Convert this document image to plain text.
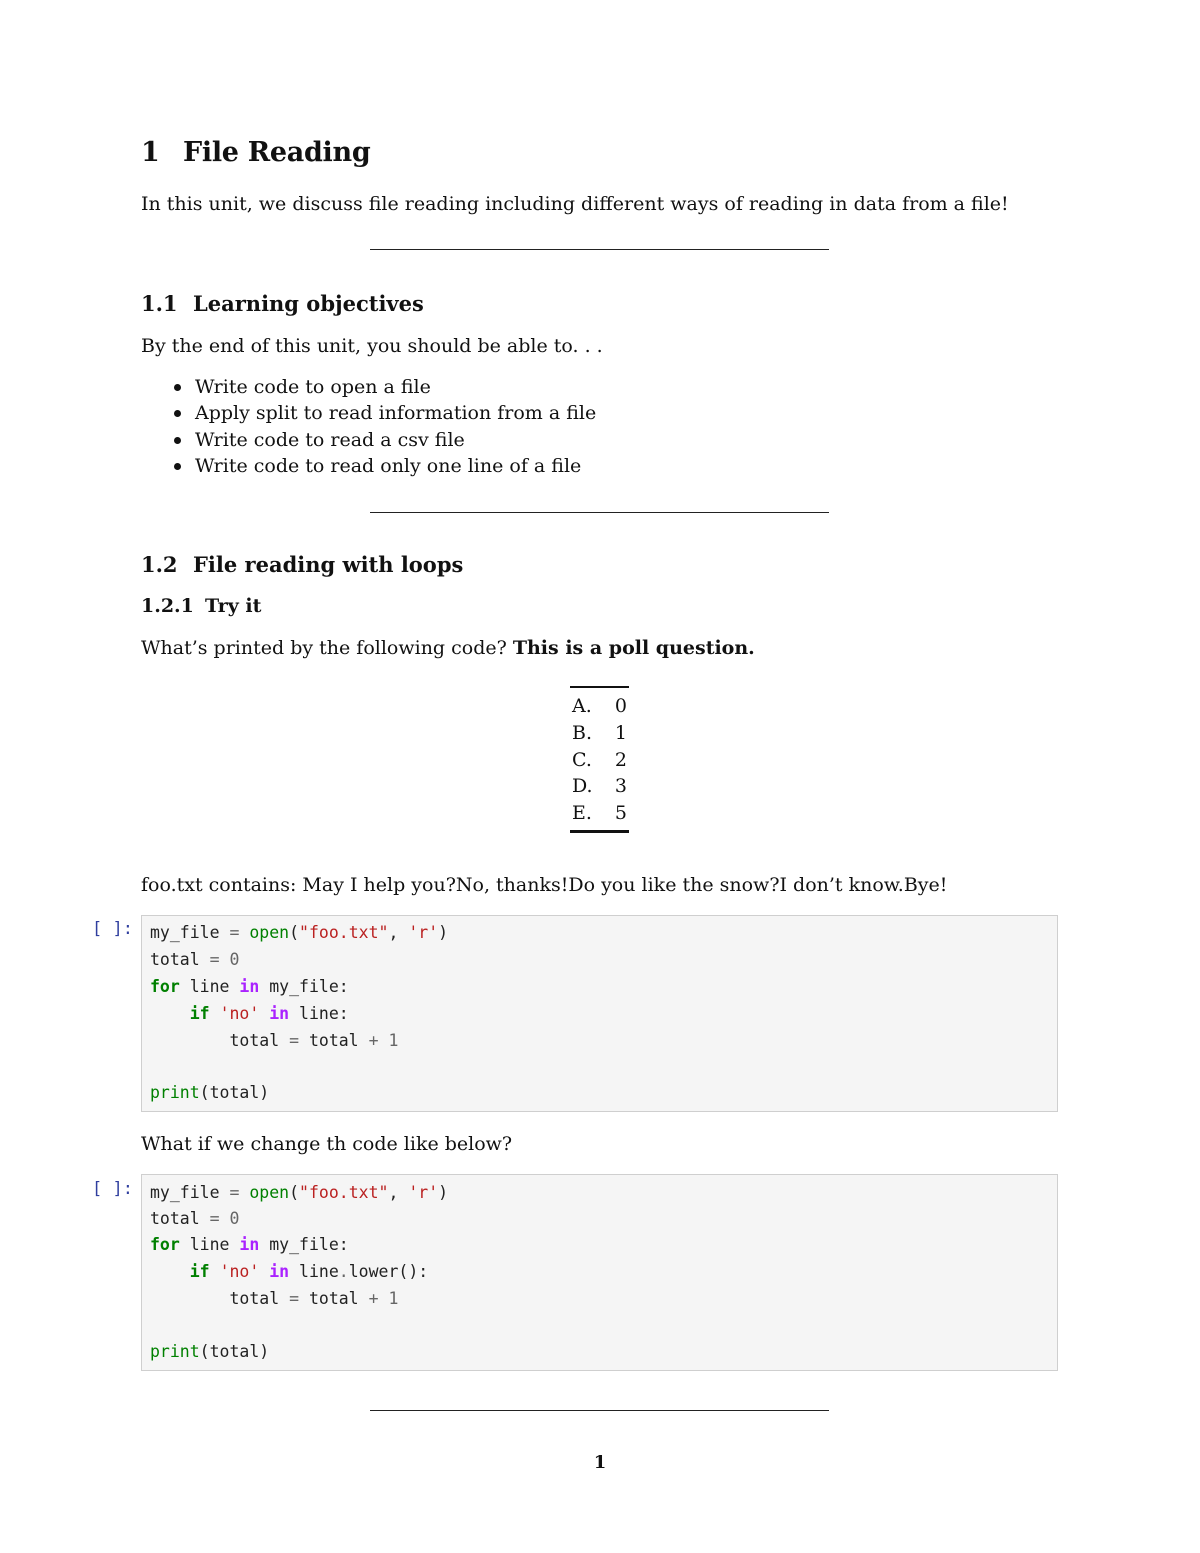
1 File Reading
In this unit, we discuss file reading including different ways of reading in data from a file!
1.1 Learning objectives
By the end of this unit, you should be able to. . .
Write code to open a file
Apply split to read information from a file
Write code to read a csv file
Write code to read only one line of a file
1.2 File reading with loops
1.2.1 Try it
What’s printed by the following code? This is a poll question.
A. 0
B. 1
C. 2
D. 3
E. 5
foo.txt contains: May I help you?No, thanks!Do you like the snow?I don’t know.Bye!
[ ]: my_file = open("foo.txt", 'r')
total = 0
for line in my_file:
if 'no' in line:
total = total + 1
print(total)
What if we change th code like below?
[ ]: my_file = open("foo.txt", 'r')
total = 0
for line in my_file:
if 'no' in line.lower():
total = total + 1
print(total)
1
